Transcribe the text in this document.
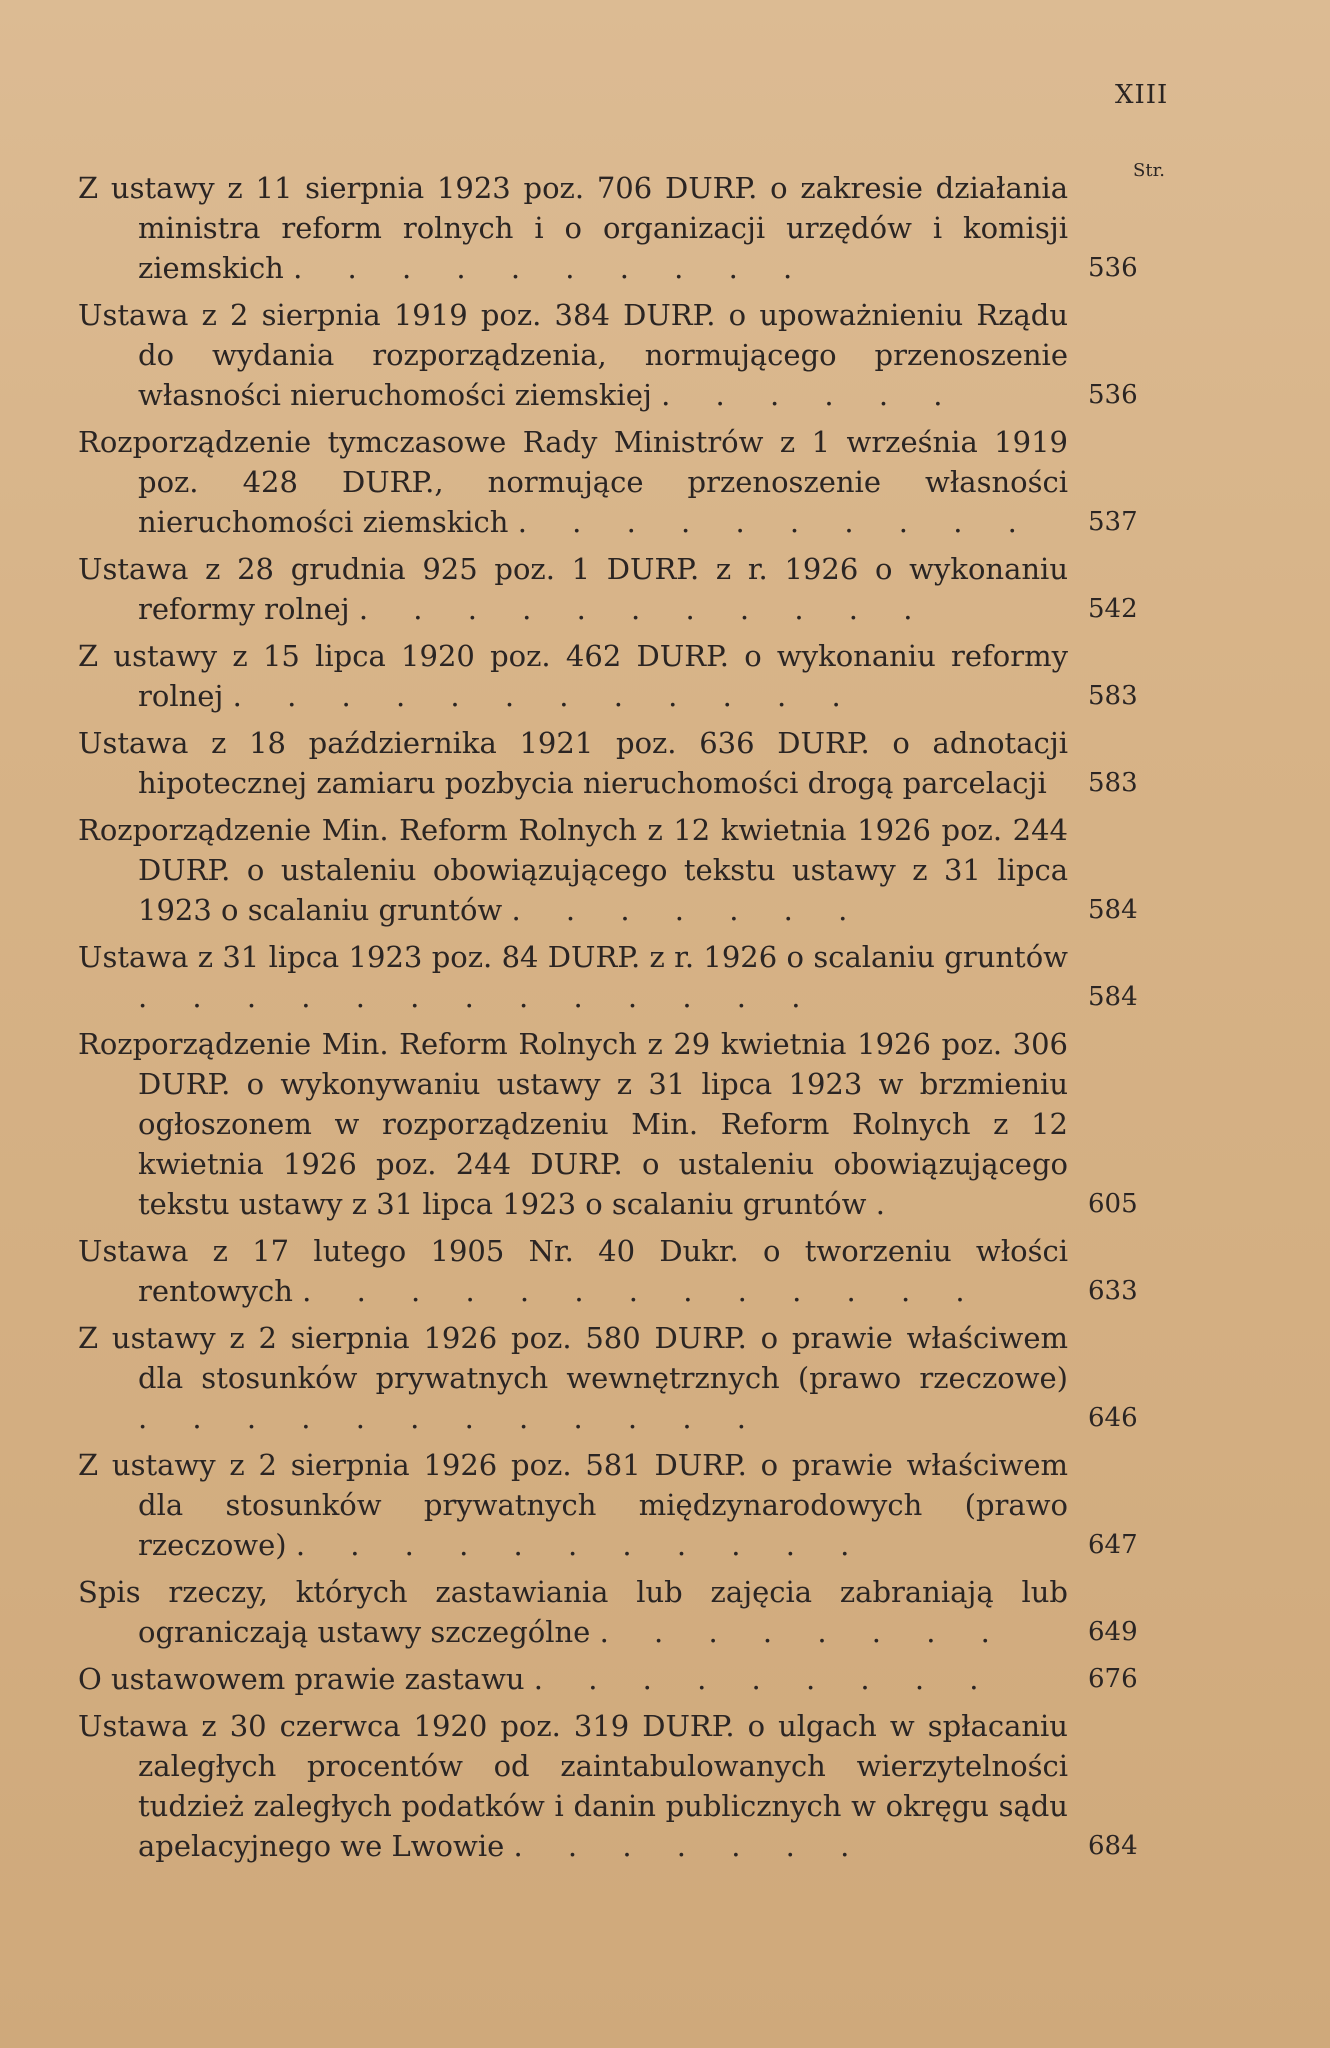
XIII
Str.
Z ustawy z 11 sierpnia 1923 poz. 706 DURP. o zakresie działania ministra reform rolnych i o organizacji urzędów i komisji ziemskich . . . . . . . . . .	536
Ustawa z 2 sierpnia 1919 poz. 384 DURP. o upoważnieniu Rządu do wydania rozporządzenia, normującego przenoszenie własności nieruchomości ziemskiej . . . . . .	536
Rozporządzenie tymczasowe Rady Ministrów z 1 września 1919 poz. 428 DURP., normujące przenoszenie własności nieruchomości ziemskich . . . . . . . . . .	537
Ustawa z 28 grudnia 925 poz. 1 DURP. z r. 1926 o wykonaniu reformy rolnej . . . . . . . . . . .	542
Z ustawy z 15 lipca 1920 poz. 462 DURP. o wykonaniu reformy rolnej . . . . . . . . . . . .	583
Ustawa z 18 października 1921 poz. 636 DURP. o adnotacji hipotecznej zamiaru pozbycia nieruchomości drogą parcelacji	583
Rozporządzenie Min. Reform Rolnych z 12 kwietnia 1926 poz. 244 DURP. o ustaleniu obowiązującego tekstu ustawy z 31 lipca 1923 o scalaniu gruntów . . . . . . .	584
Ustawa z 31 lipca 1923 poz. 84 DURP. z r. 1926 o scalaniu gruntów . . . . . . . . . . . . .	584
Rozporządzenie Min. Reform Rolnych z 29 kwietnia 1926 poz. 306 DURP. o wykonywaniu ustawy z 31 lipca 1923 w brzmieniu ogłoszonem w rozporządzeniu Min. Reform Rolnych z 12 kwietnia 1926 poz. 244 DURP. o ustaleniu obowiązującego tekstu ustawy z 31 lipca 1923 o scalaniu gruntów .	605
Ustawa z 17 lutego 1905 Nr. 40 Dukr. o tworzeniu włości rentowych . . . . . . . . . . . . .	633
Z ustawy z 2 sierpnia 1926 poz. 580 DURP. o prawie właściwem dla stosunków prywatnych wewnętrznych (prawo rzeczowe) . . . . . . . . . . . .	646
Z ustawy z 2 sierpnia 1926 poz. 581 DURP. o prawie właściwem dla stosunków prywatnych międzynarodowych (prawo rzeczowe) . . . . . . . . . . .	647
Spis rzeczy, których zastawiania lub zajęcia zabraniają lub ograniczają ustawy szczególne . . . . . . . .	649
O ustawowem prawie zastawu . . . . . . . . .	676
Ustawa z 30 czerwca 1920 poz. 319 DURP. o ulgach w spłacaniu zaległych procentów od zaintabulowanych wierzytelności tudzież zaległych podatków i danin publicznych w okręgu sądu apelacyjnego we Lwowie . . . . . . .	684
